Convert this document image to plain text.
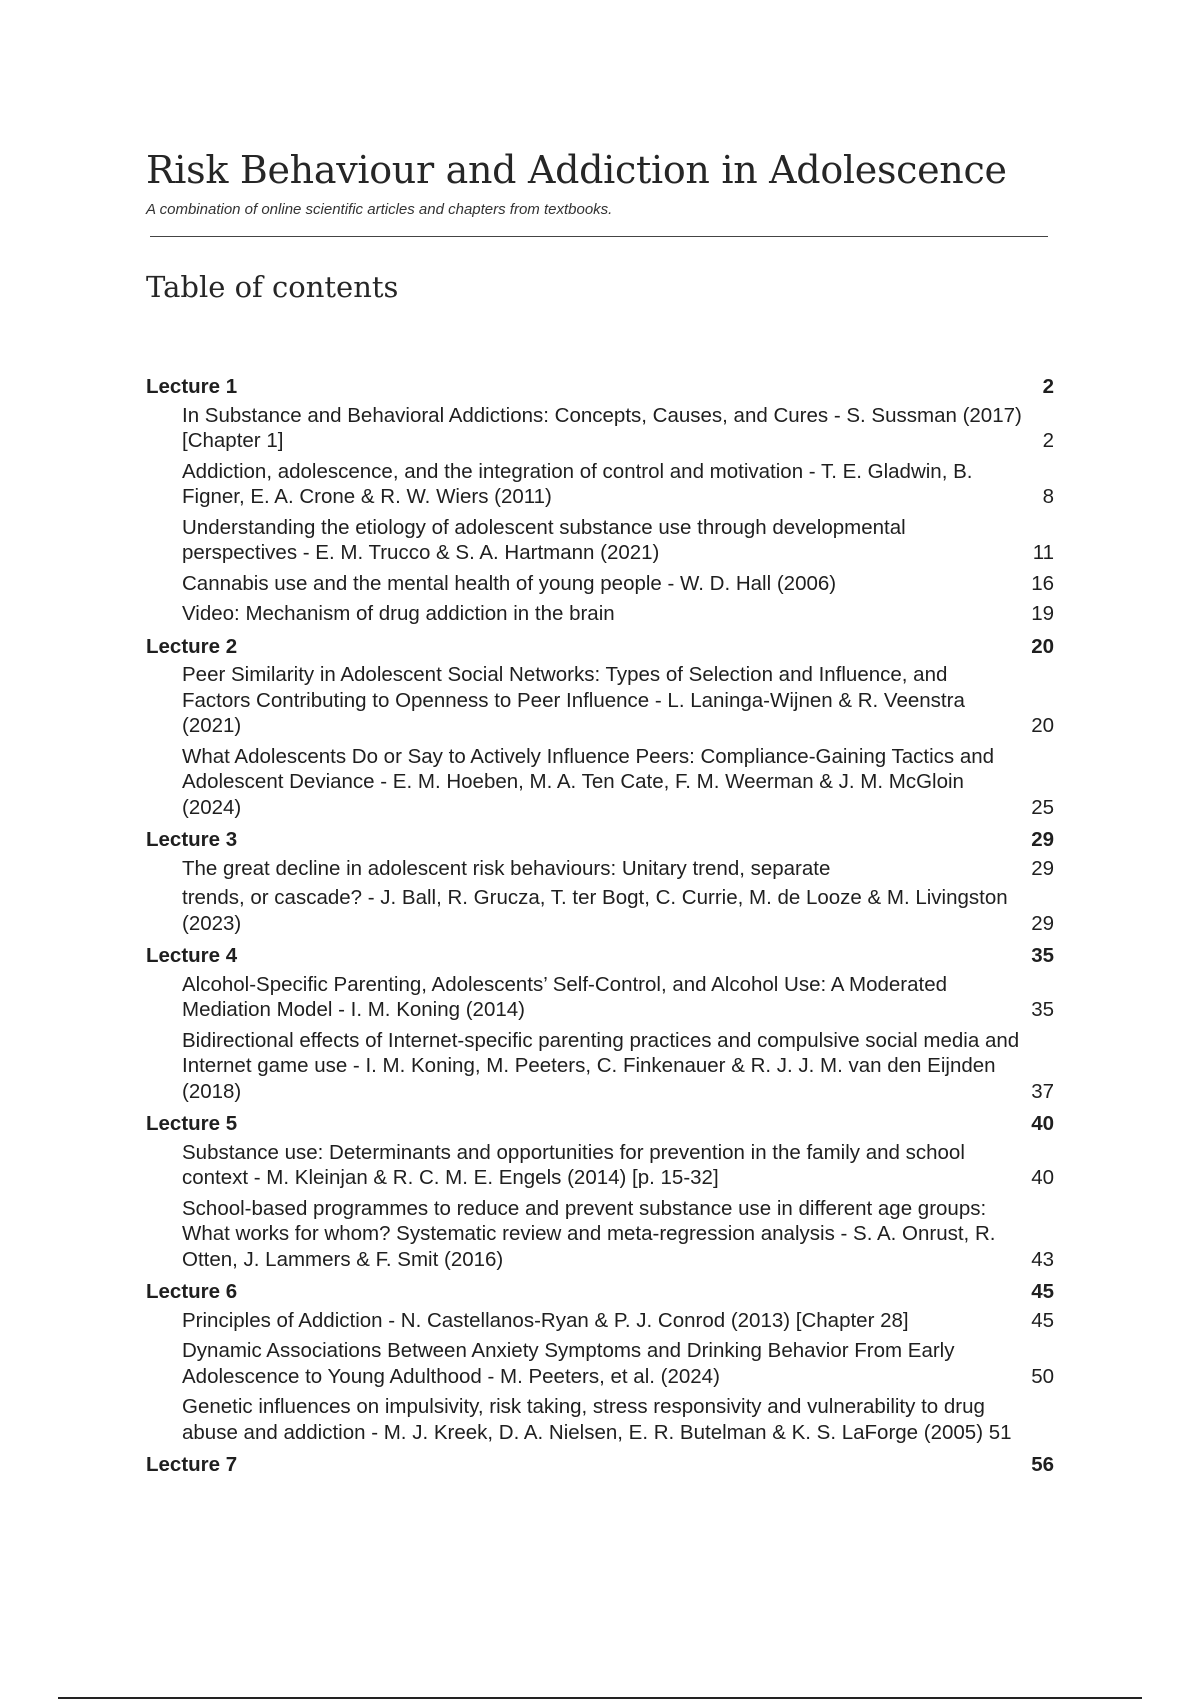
Risk Behaviour and Addiction in Adolescence

A combination of online scientific articles and chapters from textbooks.

Table of contents
Lecture 1	2
In Substance and Behavioral Addictions: Concepts, Causes, and Cures - S. Sussman (2017) [Chapter 1]	2
Addiction, adolescence, and the integration of control and motivation - T. E. Gladwin, B. Figner, E. A. Crone & R. W. Wiers (2011)	8
Understanding the etiology of adolescent substance use through developmental perspectives - E. M. Trucco & S. A. Hartmann (2021)	11
Cannabis use and the mental health of young people - W. D. Hall (2006)	16
Video: Mechanism of drug addiction in the brain	19
Lecture 2	20
Peer Similarity in Adolescent Social Networks: Types of Selection and Influence, and Factors Contributing to Openness to Peer Influence - L. Laninga-Wijnen & R. Veenstra (2021)	20
What Adolescents Do or Say to Actively Influence Peers: Compliance-Gaining Tactics and Adolescent Deviance - E. M. Hoeben, M. A. Ten Cate, F. M. Weerman & J. M. McGloin (2024)	25
Lecture 3	29
The great decline in adolescent risk behaviours: Unitary trend, separate	29
trends, or cascade? - J. Ball, R. Grucza, T. ter Bogt, C. Currie, M. de Looze & M. Livingston (2023)	29
Lecture 4	35
Alcohol-Specific Parenting, Adolescents’ Self-Control, and Alcohol Use: A Moderated Mediation Model - I. M. Koning (2014)	35
Bidirectional effects of Internet-specific parenting practices and compulsive social media and Internet game use - I. M. Koning, M. Peeters, C. Finkenauer & R. J. J. M. van den Eijnden (2018)	37
Lecture 5	40
Substance use: Determinants and opportunities for prevention in the family and school context - M. Kleinjan & R. C. M. E. Engels (2014) [p. 15-32]	40
School-based programmes to reduce and prevent substance use in different age groups: What works for whom? Systematic review and meta-regression analysis - S. A. Onrust, R. Otten, J. Lammers & F. Smit (2016)	43
Lecture 6	45
Principles of Addiction - N. Castellanos-Ryan & P. J. Conrod (2013) [Chapter 28]	45
Dynamic Associations Between Anxiety Symptoms and Drinking Behavior From Early Adolescence to Young Adulthood - M. Peeters, et al. (2024)	50
Genetic influences on impulsivity, risk taking, stress responsivity and vulnerability to drug abuse and addiction - M. J. Kreek, D. A. Nielsen, E. R. Butelman & K. S. LaForge (2005) 51
Lecture 7	56
